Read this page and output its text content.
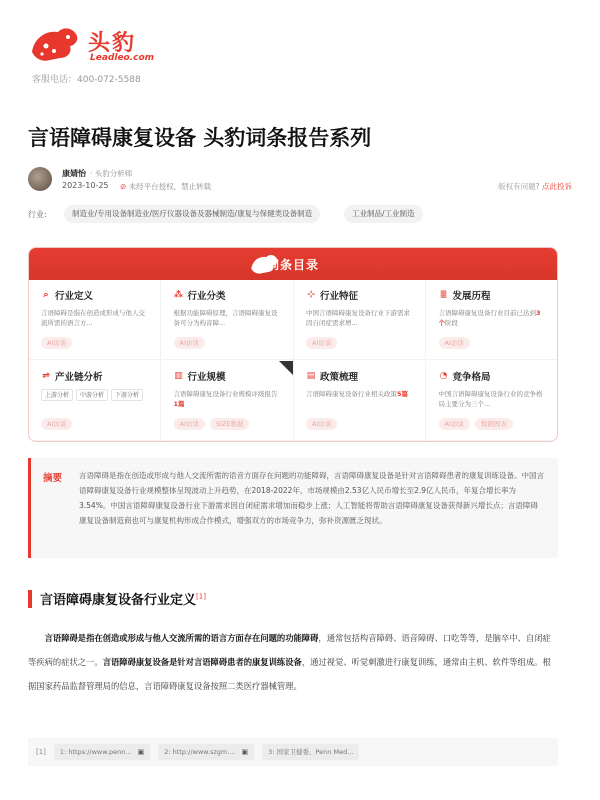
头豹
Leadleo.com
客服电话：400-072-5588
言语障碍康复设备 头豹词条报告系列
康婧怡 · 头豹分析师
2023-10-25 ⊘ 未经平台授权，禁止转载	版权有问题? 点此投诉
行业:	制造业/专用设备制造业/医疗仪器设备及器械制造/康复与保健类设备制造	工业制品/工业制造
词条目录
⌕ 行业定义
言语障碍是指在创造或形成与他人交流所需的语言方...
AI访谈
⁂ 行业分类
根据功能障碍原理，言语障碍康复设备可分为构音障...
AI访谈
⊹ 行业特征
中国言语障碍康复设备行业下游需求因自闭症需求增...
AI访谈
≣ 发展历程
言语障碍康复设备行业目前已达到3个阶段
AI访谈
⇌ 产业链分析
上游分析	中游分析	下游分析
AI访谈
▥ 行业规模
言语障碍康复设备行业规模评级报告1篇
AI访谈	SIZE数据
▤ 政策梳理
言语障碍康复设备行业相关政策5篇
AI访谈
◔ 竞争格局
中国言语障碍康复设备行业的竞争格局主要分为三个...
AI访谈	数据图表
摘要 言语障碍是指在创造或形成与他人交流所需的语音方面存在问题的功能障碍，言语障碍康复设备是针对言语障碍患者的康复训练设备。中国言语障碍康复设备行业规模整体呈现波动上升趋势，在2018-2022年，市场规模由2.53亿人民币增长至2.9亿人民币，年复合增长率为3.54%。中国言语障碍康复设备行业下游需求因自闭症需求增加而稳步上涨；人工智能将帮助言语障碍康复设备获得新兴增长点；言语障碍康复设备制造商也可与康复机构形成合作模式，增强双方的市场竞争力，弥补资源匮乏现状。

言语障碍康复设备行业定义[1]

言语障碍是指在创造或形成与他人交流所需的语言方面存在问题的功能障碍，通常包括构音障碍、语音障碍、口吃等等，是脑卒中、自闭症等疾病的症状之一。言语障碍康复设备是针对言语障碍患者的康复训练设备，通过视觉、听觉刺激进行康复训练，通常由主机、软件等组成。根据国家药品监督管理局的信息，言语障碍康复设备按照二类医疗器械管理。

[1] 1: https://www.penn... ▣	2: http://www.szgm.... ▣	3: 国家卫健委、Penn Med...
